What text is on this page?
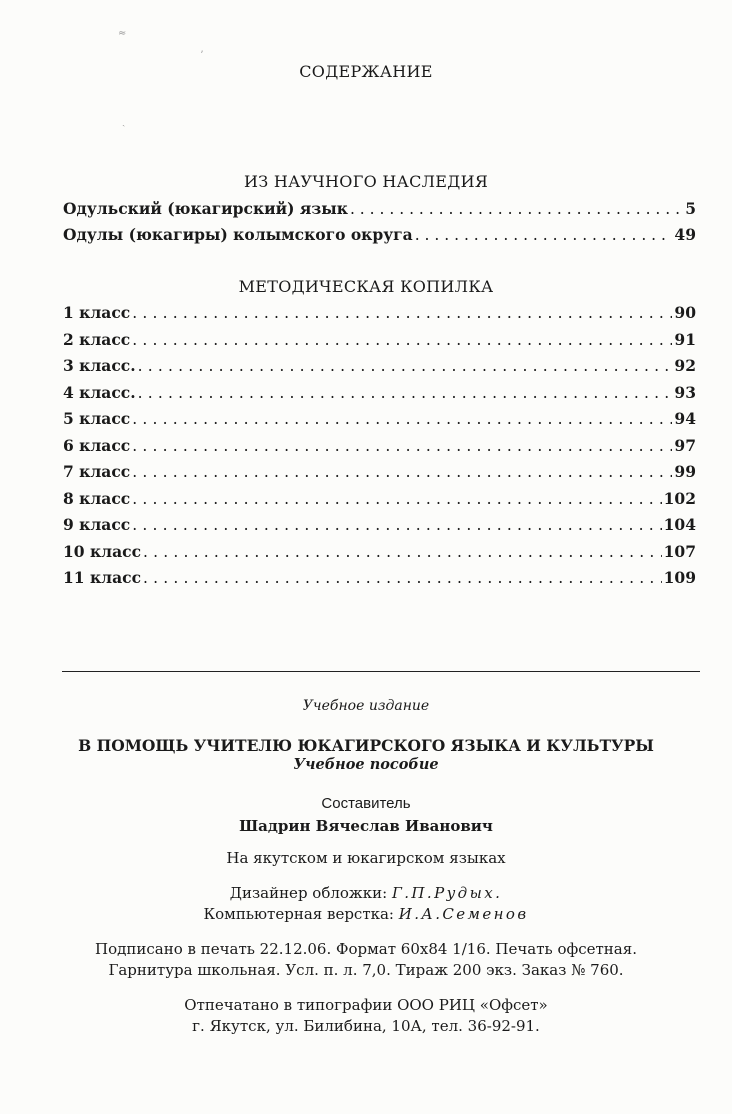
≈
ʼ
ˏ
СОДЕРЖАНИЕ
ИЗ НАУЧНОГО НАСЛЕДИЯ
Одульский (юкагирский) язык . . .	5
Одулы (юкагиры) колымского округа . . .	49
МЕТОДИЧЕСКАЯ КОПИЛКА
1 класс .....	90
2 класс .....	91
3 класс. .....	92
4 класс. .....	93
5 класс .....	94
6 класс .....	97
7 класс .....	99
8 класс .....	102
9 класс .....	104
10 класс .....	107
11 класс .....	109
Учебное издание
В ПОМОЩЬ УЧИТЕЛЮ ЮКАГИРСКОГО ЯЗЫКА И КУЛЬТУРЫ
Учебное пособие
Составитель
Шадрин Вячеслав Иванович
На якутском и юкагирском языках
Дизайнер обложки: Г.П.Рудых.
Компьютерная верстка: И.А.Семенов
Подписано в печать 22.12.06. Формат 60x84 1/16. Печать офсетная.
Гарнитура школьная. Усл. п. л. 7,0. Тираж 200 экз. Заказ № 760.
Отпечатано в типографии ООО РИЦ «Офсет»
г. Якутск, ул. Билибина, 10А, тел. 36-92-91.
